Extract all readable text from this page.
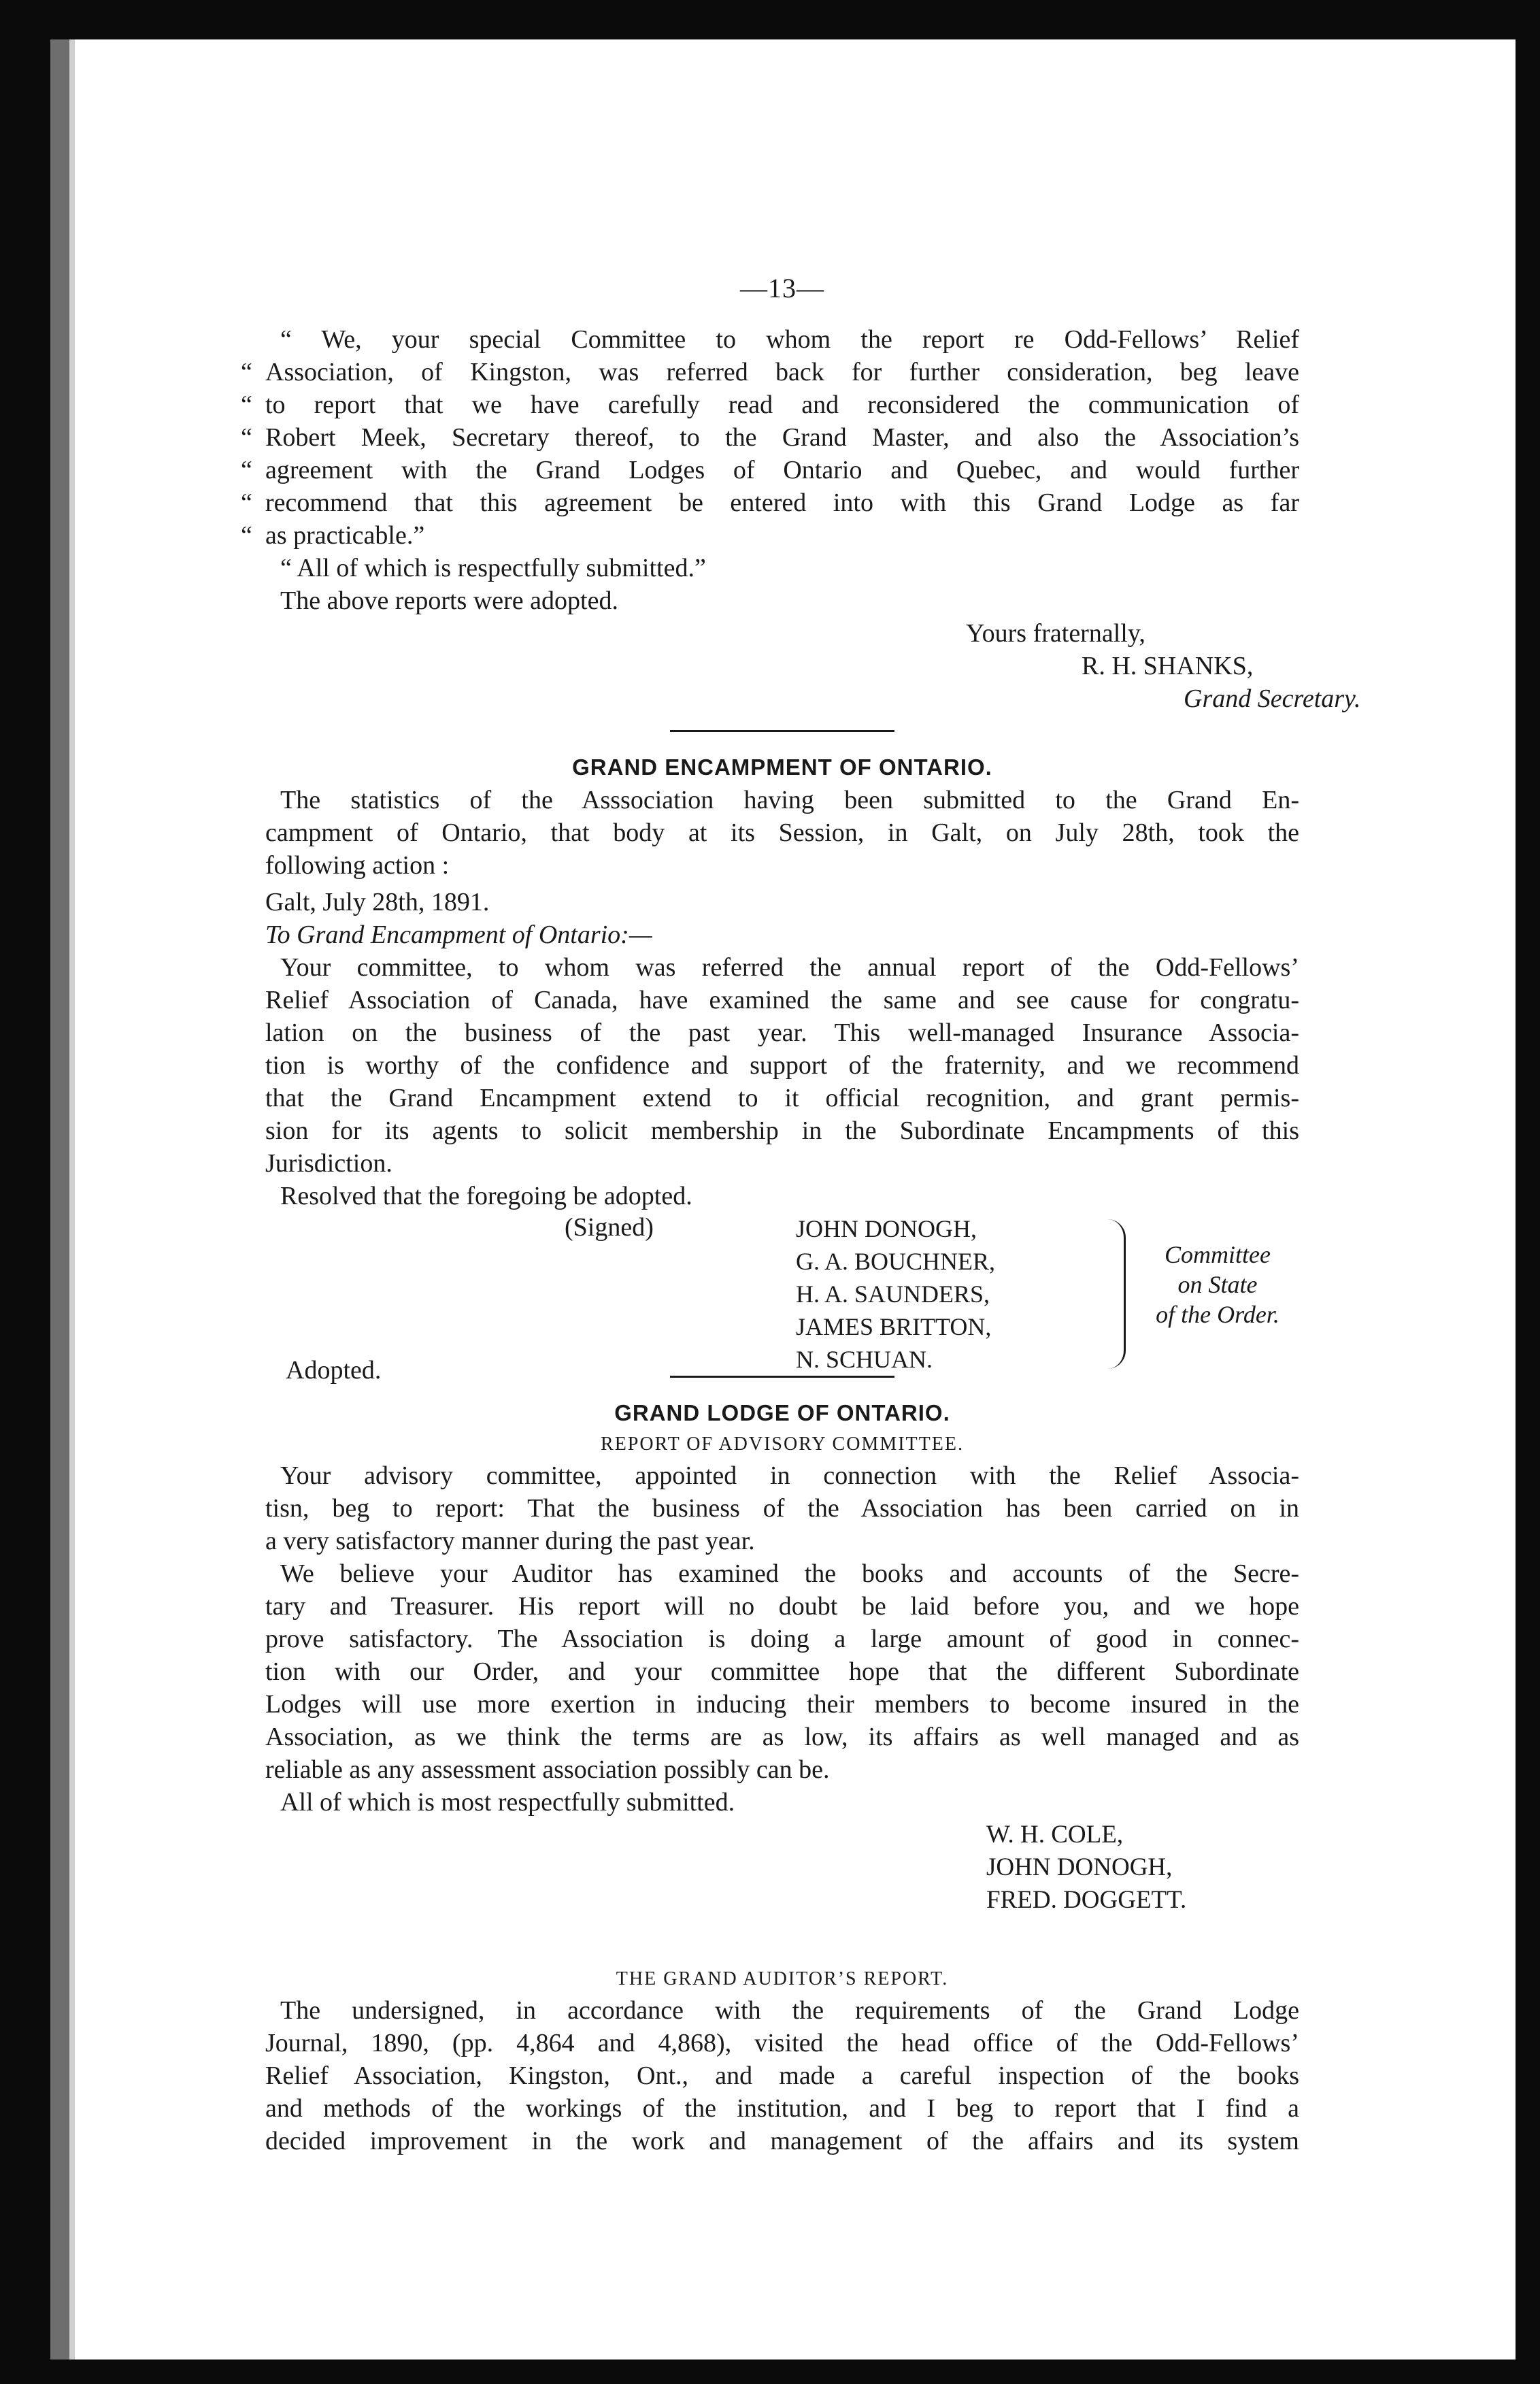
—13—

“ We, your special Committee to whom the report re Odd-Fellows’ Relief

“ Association, of Kingston, was referred back for further consideration, beg leave

“ to report that we have carefully read and reconsidered the communication of

“ Robert Meek, Secretary thereof, to the Grand Master, and also the Association’s

“ agreement with the Grand Lodges of Ontario and Quebec, and would further

“ recommend that this agreement be entered into with this Grand Lodge as far

“ as practicable.”

“ All of which is respectfully submitted.”

The above reports were adopted.

Yours fraternally,
R. H. SHANKS,
Grand Secretary.

GRAND ENCAMPMENT OF ONTARIO.

The statistics of the Asssociation having been submitted to the Grand En-

campment of Ontario, that body at its Session, in Galt, on July 28th, took the

following action :

Galt, July 28th, 1891.

To Grand Encampment of Ontario:—

Your committee, to whom was referred the annual report of the Odd-Fellows’

Relief Association of Canada, have examined the same and see cause for congratu-

lation on the business of the past year. This well-managed Insurance Associa-

tion is worthy of the confidence and support of the fraternity, and we recommend

that the Grand Encampment extend to it official recognition, and grant permis-

sion for its agents to solicit membership in the Subordinate Encampments of this

Jurisdiction.

Resolved that the foregoing be adopted.

(Signed)	JOHN DONOGH,
G. A. BOUCHNER,
H. A. SAUNDERS,
JAMES BRITTON,
N. SCHUAN.
Committee
on State
of the Order.
Adopted.

GRAND LODGE OF ONTARIO.

REPORT OF ADVISORY COMMITTEE.

Your advisory committee, appointed in connection with the Relief Associa-

tisn, beg to report: That the business of the Association has been carried on in

a very satisfactory manner during the past year.

We believe your Auditor has examined the books and accounts of the Secre-

tary and Treasurer. His report will no doubt be laid before you, and we hope

prove satisfactory. The Association is doing a large amount of good in connec-

tion with our Order, and your committee hope that the different Subordinate

Lodges will use more exertion in inducing their members to become insured in the

Association, as we think the terms are as low, its affairs as well managed and as

reliable as any assessment association possibly can be.

All of which is most respectfully submitted.

W. H. COLE,
JOHN DONOGH,
FRED. DOGGETT.

THE GRAND AUDITOR’S REPORT.

The undersigned, in accordance with the requirements of the Grand Lodge

Journal, 1890, (pp. 4,864 and 4,868), visited the head office of the Odd-Fellows’

Relief Association, Kingston, Ont., and made a careful inspection of the books

and methods of the workings of the institution, and I beg to report that I find a

decided improvement in the work and management of the affairs and its system
